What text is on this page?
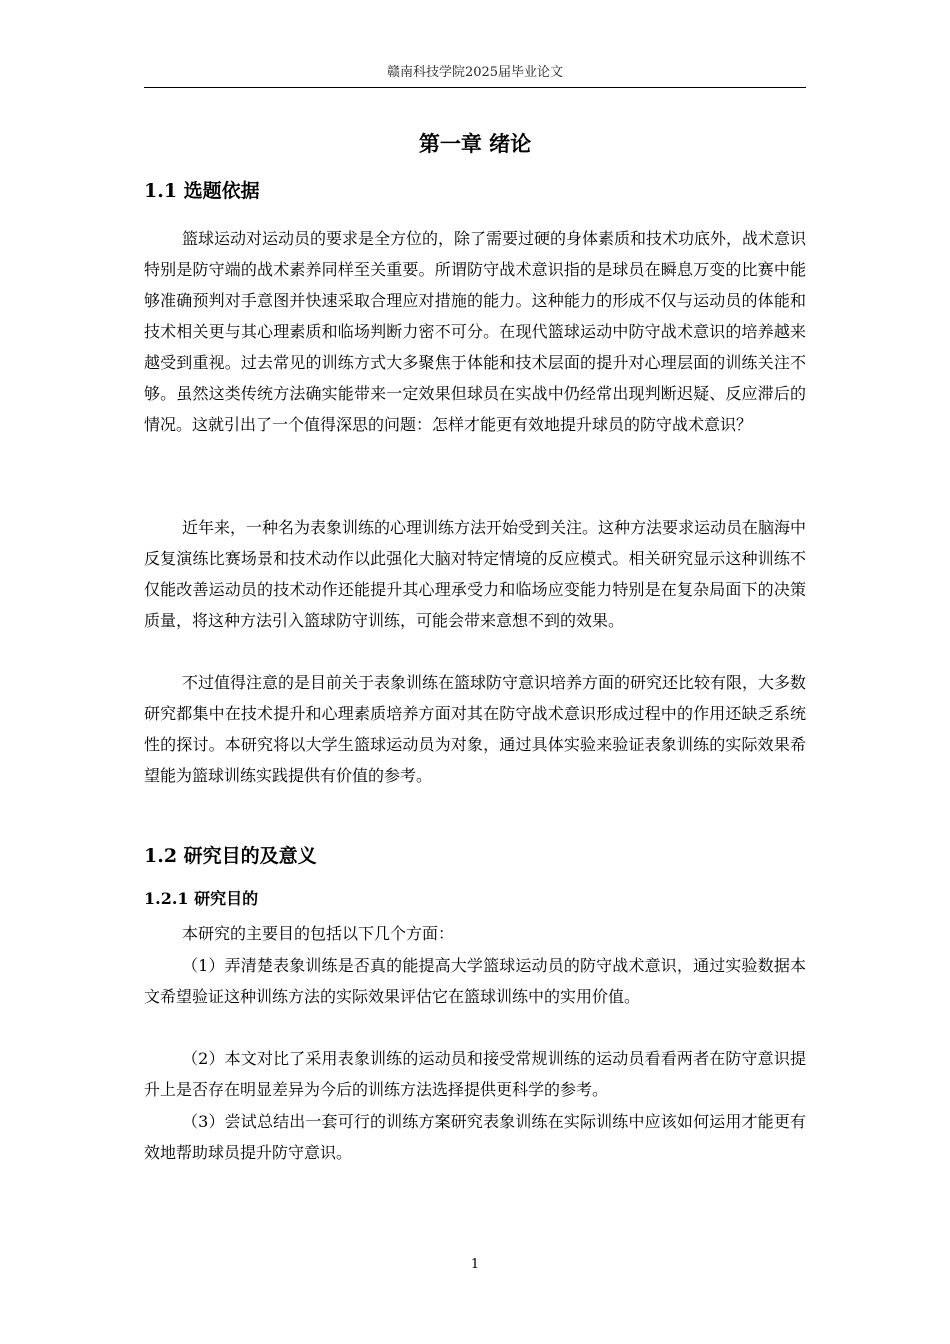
赣南科技学院2025届毕业论文
第一章 绪论
1.1 选题依据

篮球运动对运动员的要求是全方位的，除了需要过硬的身体素质和技术功底外，战术意识特别是防守端的战术素养同样至关重要。所谓防守战术意识指的是球员在瞬息万变的比赛中能够准确预判对手意图并快速采取合理应对措施的能力。这种能力的形成不仅与运动员的体能和技术相关更与其心理素质和临场判断力密不可分。在现代篮球运动中防守战术意识的培养越来越受到重视。过去常见的训练方式大多聚焦于体能和技术层面的提升对心理层面的训练关注不够。虽然这类传统方法确实能带来一定效果但球员在实战中仍经常出现判断迟疑、反应滞后的情况。这就引出了一个值得深思的问题：怎样才能更有效地提升球员的防守战术意识？

近年来，一种名为表象训练的心理训练方法开始受到关注。这种方法要求运动员在脑海中反复演练比赛场景和技术动作以此强化大脑对特定情境的反应模式。相关研究显示这种训练不仅能改善运动员的技术动作还能提升其心理承受力和临场应变能力特别是在复杂局面下的决策质量，将这种方法引入篮球防守训练，可能会带来意想不到的效果。

不过值得注意的是目前关于表象训练在篮球防守意识培养方面的研究还比较有限，大多数研究都集中在技术提升和心理素质培养方面对其在防守战术意识形成过程中的作用还缺乏系统性的探讨。本研究将以大学生篮球运动员为对象，通过具体实验来验证表象训练的实际效果希望能为篮球训练实践提供有价值的参考。

1.2 研究目的及意义
1.2.1 研究目的

本研究的主要目的包括以下几个方面：

（1）弄清楚表象训练是否真的能提高大学篮球运动员的防守战术意识，通过实验数据本文希望验证这种训练方法的实际效果评估它在篮球训练中的实用价值。

（2）本文对比了采用表象训练的运动员和接受常规训练的运动员看看两者在防守意识提升上是否存在明显差异为今后的训练方法选择提供更科学的参考。

（3）尝试总结出一套可行的训练方案研究表象训练在实际训练中应该如何运用才能更有效地帮助球员提升防守意识。

1
